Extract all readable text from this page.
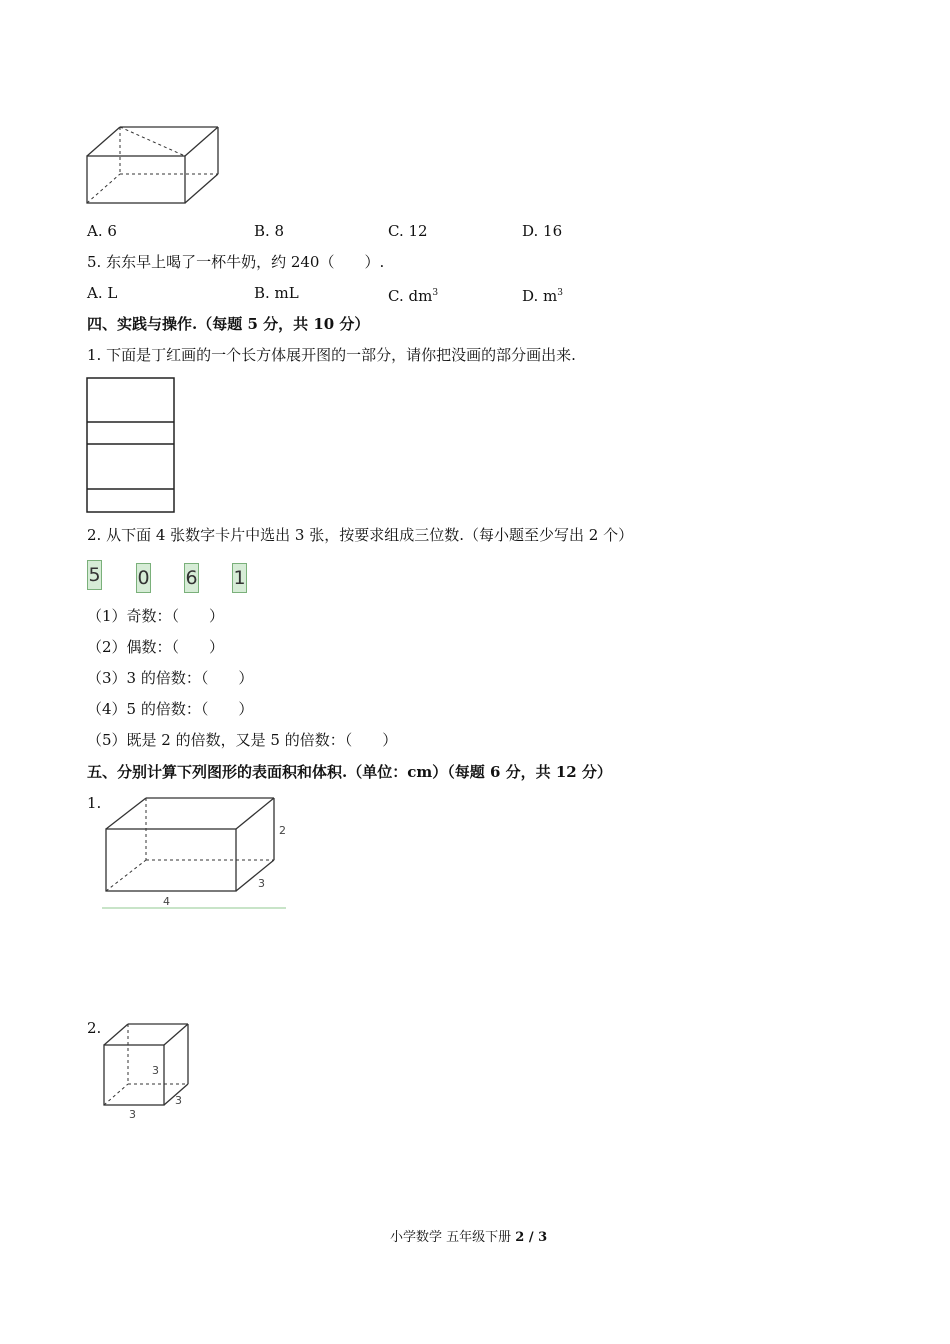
A. 6	B. 8	C. 12	D. 16
5. 东东早上喝了一杯牛奶，约 240（　　）.
A. L	B. mL	C. $dm^3$	D. $m^3$
四、实践与操作.（每题 5 分，共 10 分）
1. 下面是丁红画的一个长方体展开图的一部分，请你把没画的部分画出来.
2. 从下面 4 张数字卡片中选出 3 张，按要求组成三位数.（每小题至少写出 2 个）
5 0 6 1
（1）奇数：（　　）
（2）偶数：（　　）
（3）3 的倍数：（　　）
（4）5 的倍数：（　　）
（5）既是 2 的倍数，又是 5 的倍数：（　　）
五、分别计算下列图形的表面积和体积.（单位：cm）（每题 6 分，共 12 分）
1.
2
3
4
2.
3
3
3
小学数学 五年级下册 2 / 3
